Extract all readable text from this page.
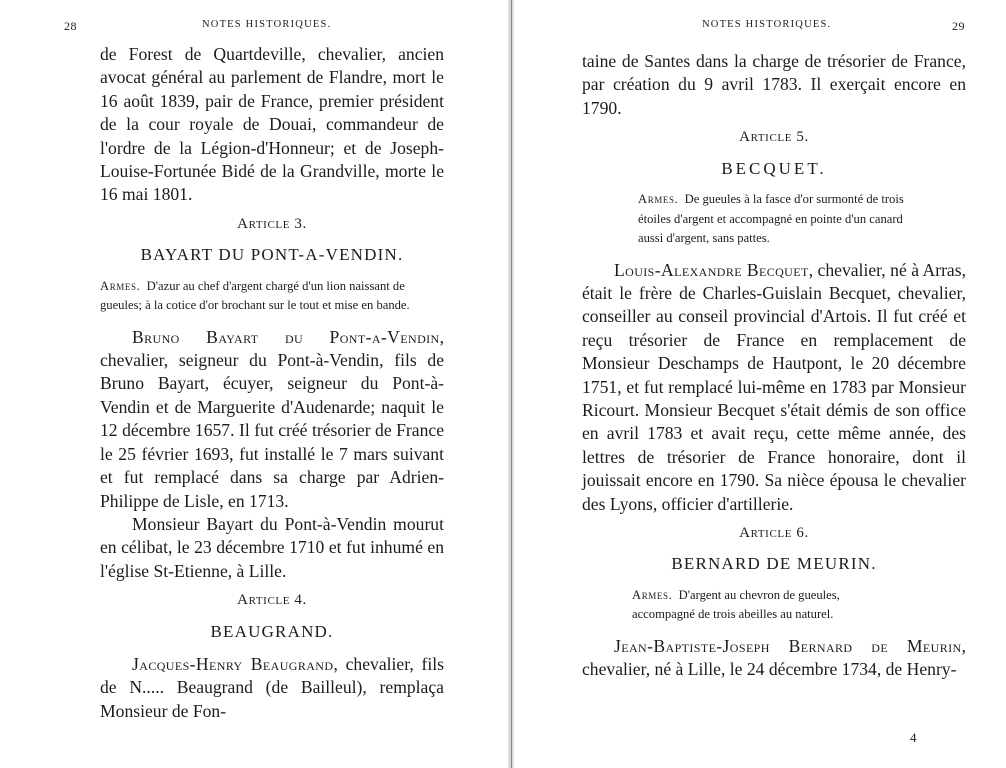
28	NOTES HISTORIQUES.

de Forest de Quartdeville, chevalier, ancien avocat général au parlement de Flandre, mort le 16 août 1839, pair de France, premier président de la cour royale de Douai, commandeur de l'ordre de la Légion-d'Honneur; et de Joseph-Louise-Fortunée Bidé de la Grandville, morte le 16 mai 1801.

Article 3.

BAYART DU PONT-A-VENDIN.

Armes. D'azur au chef d'argent chargé d'un lion naissant de gueules; à la cotice d'or brochant sur le tout et mise en bande.

Bruno Bayart du Pont-a-Vendin, chevalier, seigneur du Pont-à-Vendin, fils de Bruno Bayart, écuyer, seigneur du Pont-à-Vendin et de Marguerite d'Audenarde; naquit le 12 décembre 1657. Il fut créé trésorier de France le 25 février 1693, fut installé le 7 mars suivant et fut remplacé dans sa charge par Adrien-Philippe de Lisle, en 1713.

Monsieur Bayart du Pont-à-Vendin mourut en célibat, le 23 décembre 1710 et fut inhumé en l'église St-Etienne, à Lille.

Article 4.

BEAUGRAND.

Jacques-Henry Beaugrand, chevalier, fils de N..... Beaugrand (de Bailleul), remplaça Monsieur de Fon-

NOTES HISTORIQUES.	29

taine de Santes dans la charge de trésorier de France, par création du 9 avril 1783. Il exerçait encore en 1790.

Article 5.

BECQUET.

Armes. De gueules à la fasce d'or surmonté de trois étoiles d'argent et accompagné en pointe d'un canard aussi d'argent, sans pattes.

Louis-Alexandre Becquet, chevalier, né à Arras, était le frère de Charles-Guislain Becquet, chevalier, conseiller au conseil provincial d'Artois. Il fut créé et reçu trésorier de France en remplacement de Monsieur Deschamps de Hautpont, le 20 décembre 1751, et fut remplacé lui-même en 1783 par Monsieur Ricourt. Monsieur Becquet s'était démis de son office en avril 1783 et avait reçu, cette même année, des lettres de trésorier de France honoraire, dont il jouissait encore en 1790. Sa nièce épousa le chevalier des Lyons, officier d'artillerie.

Article 6.

BERNARD DE MEURIN.

Armes. D'argent au chevron de gueules, accompagné de trois abeilles au naturel.

Jean-Baptiste-Joseph Bernard de Meurin, chevalier, né à Lille, le 24 décembre 1734, de Henry-

4
